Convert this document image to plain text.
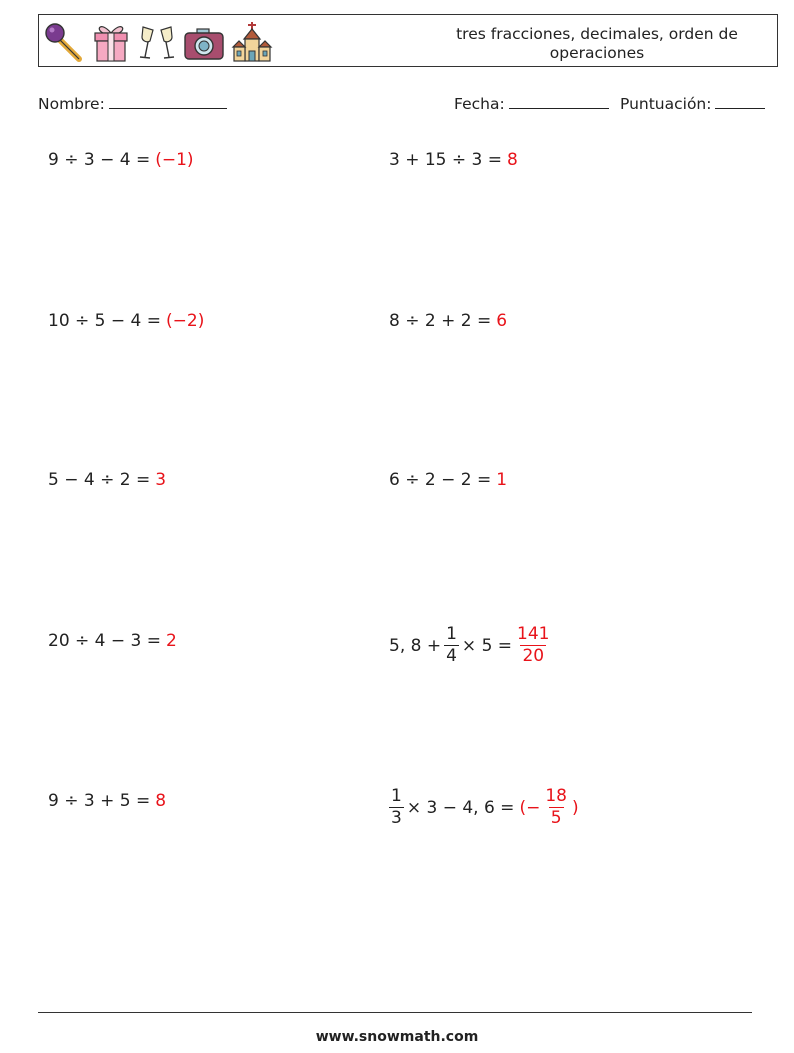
tres fracciones, decimales, orden de operaciones
Nombre:	Fecha:	Puntuación:
9 ÷ 3 − 4 = (−1)	3 + 15 ÷ 3 = 8
10 ÷ 5 − 4 = (−2)	8 ÷ 2 + 2 = 6
5 − 4 ÷ 2 = 3	6 ÷ 2 − 2 = 1
20 ÷ 4 − 3 = 2	5, $8 + \frac{1}{4} \times 5 = \frac{141}{20}$
9 ÷ 3 + 5 = 8	$\frac{1}{3} \times 3 - 4$, 6 = (− $\frac{18}{5}$ )
www.snowmath.com
